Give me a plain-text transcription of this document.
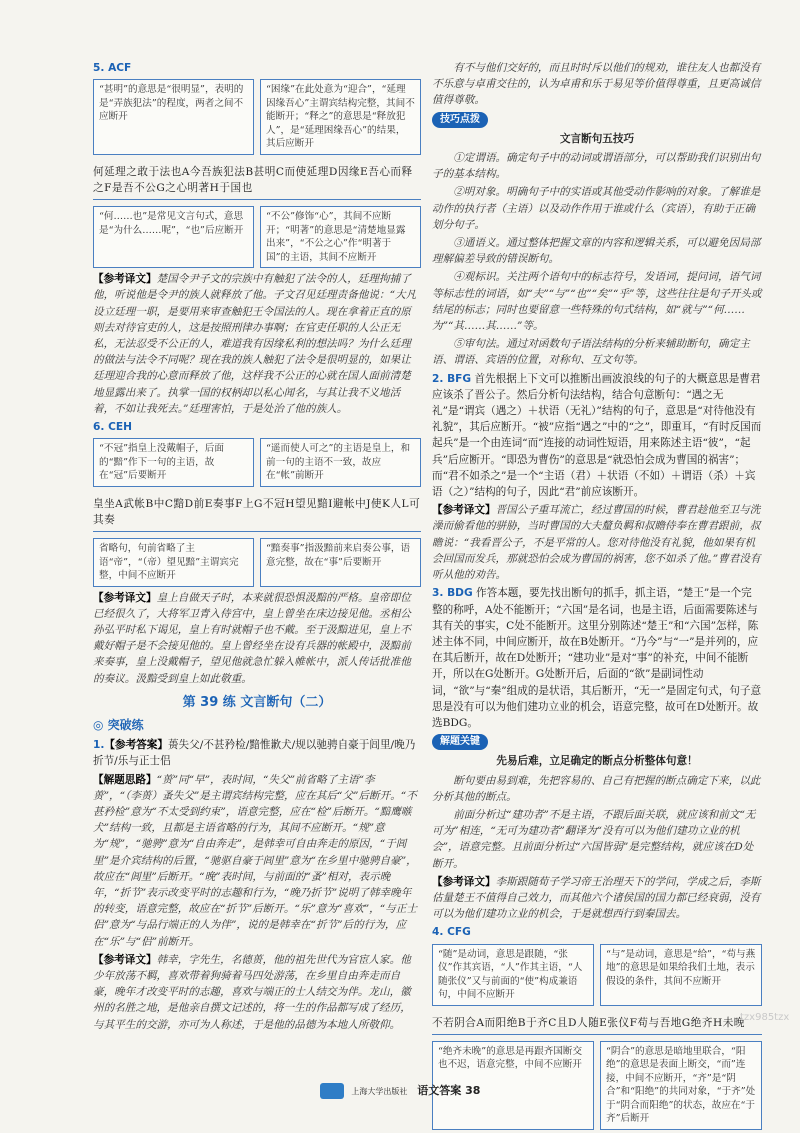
5. ACF
“甚明”的意思是“很明显”，表明的是“弄族犯法”的程度，两者之间不应断开
“困缘”在此处意为“迎合”，“延理因缘吾心”主谓宾结构完整，其间不能断开；“释之”的意思是“释放犯人”，是“延理困缘吾心”的结果，其后应断开
何延理之敢于法也A今吾族犯法B甚明C而使延理D因缘E吾心而释之F是吾不公G之心明著H于国也
“何……也”是常见文言句式，意思是“为什么……呢”，“也”后应断开
“不公”修饰“心”，其间不应断开；“明著”的意思是“清楚地显露出来”，“不公之心”作“明著于国”的主语，其间不应断开

【参考译文】楚国令尹子文的宗族中有触犯了法令的人，廷理拘捕了他，听说他是令尹的族人就释放了他。子文召见廷理责备他说：“大凡设立廷理一职，是要用来审查触犯王令国法的人。现在拿着正直的原则去对待官吏的人，这是按照刑律办事啊；在官吏任职的人公正无私，无法忍受不公正的人，难道我有因缘私利的想法吗？为什么廷理的做法与法令不同呢？现在我的族人触犯了法令是很明显的，如果让廷理迎合我的心意而释放了他，这样我不公正的心就在国人面前清楚地显露出来了。执掌一国的权柄却以私心闻名，与其让我不义地活着，不如让我死去。”廷理害怕，于是处治了他的族人。

6. CEH
“不冠”指皇上没戴帽子，后面的“黯”作下一句的主语，故在“冠”后要断开
“遥而使人可之”的主语是皇上，和前一句的主语不一致，故应在“帐”前断开
皇坐A武帐B中C黯D前E奏事F上G不冠H望见黯I避帐中J使K人L可其奏
省略句，句前省略了主语“帝”，“（帝）望见黯”主谓宾完整，中间不应断开
“黯奏事”指汲黯前来启奏公事，语意完整，故在“事”后要断开

【参考译文】皇上自做天子时，本来就很恐惧汲黯的严格。皇帝即位已经很久了，大将军卫青入侍宫中，皇上曾坐在床边接见他。丞相公孙弘平时私下谒见，皇上有时就帽子也不戴。至于汲黯进见，皇上不戴好帽子是不会接见他的。皇上曾经坐在设有兵器的帐殿中，汲黯前来奏事，皇上没戴帽子，望见他就急忙躲入帷帐中，派人传话批准他的奏议。汲黯受到皇上如此敬重。

第 39 练 文言断句（二）
◎ 突破练

1.【参考答案】蒉失父/不甚矜检/黯惟歉犬/规以驰骋自豪于闾里/晚乃折节/乐与正士侣

【解题思路】“蒉”同“早”，表时间，“失父”前省略了主语“李蒉”，“（李蒉）蚤失父”是主谓宾结构完整，应在其后“父”后断开。“不甚矜检”意为“不太受到约束”，语意完整，应在“检”后断开。“黯鹰嗾犬”结构一致，且都是主语省略的行为，其间不应断开。“规”意为“规”，“驰骋”意为“自由奔走”，是韩幸可自由奔走的原因，“于闾里”是介宾结构的后置，“驰驱自豪于闾里”意为“在乡里中驰骋自豪”，故应在“闾里”后断开。“晚”表时间，与前面的“蚤”相对，表示晚年，“折节”表示改变平时的志趣和行为，“晚乃折节”说明了韩幸晚年的转变，语意完整，故应在“折节”后断开。“乐”意为“喜欢”，“与正士侣”意为“与品行端正的人为伴”，说的是韩幸在“折节”后的行为，应在“乐”与“侣”前断开。

【参考译文】韩幸，字先生，名德蒉，他的祖先世代为官宦人家。他少年放荡不羁，喜欢带着狗骑着马四处游荡，在乡里自由奔走而自豪，晚年才改变平时的志趣，喜欢与端正的士人结交为伴。龙山，徽州的名胜之地，是他亲自撰文记述的，将一生的作品都写成了经历，与其平生的交游，亦可为人称述，于是他的品德为本地人所敬仰。

有不与他们交好的，而且时时斥以他们的规劝，谁往友人也都没有不乐意与卓甫交往的，认为卓甫和乐于易见等价值得尊重，且更高诚信值得尊敬。

技巧点拨
文言断句五技巧

①定谓语。确定句子中的动词或谓语部分，可以帮助我们识别出句子的基本结构。

②明对象。明确句子中的实语或其他受动作影响的对象。了解谁是动作的执行者（主语）以及动作作用于谁或什么（宾语），有助于正确划分句子。

③通语义。通过整体把握文章的内容和逻辑关系，可以避免因局部理解偏差导致的错误断句。

④观标识。关注两个语句中的标志符号，发语词，提问词，语气词等标志性的词语，如“夫”“与”“也”“矣”“乎”等，这些往往是句子开头或结尾的标志；同时也要留意一些特殊的句式结构，如“就与”“何……为”“其……其……”等。

⑤审句法。通过对函数句子语法结构的分析来辅助断句，确定主语、谓语、宾语的位置，对称句、互文句等。

2. BFG 首先根据上下文可以推断出画波浪线的句子的大概意思是曹君应该杀了晋公子。然后分析句法结构，结合句意断句：“遇之无礼”是“谓宾（遇之）＋状语（无礼）”结构的句子，意思是“对待他没有礼貌”，其后应断开。“被”应指“遇之”中的“之”，即重耳，“有时反国而起兵”是一个由连词“而”连接的动词性短语，用来陈述主语“彼”，“起兵”后应断开。“即恐为曹伤”的意思是“就恐怕会成为曹国的祸害”；而“君不如杀之”是一个“主语（君）＋状语（不如）＋谓语（杀）＋宾语（之）”结构的句子，因此“君”前应该断开。

【参考译文】晋国公子重耳流亡，经过曹国的时候，曹君趁他至卫与洗澡而偷看他的骈胁，当时曹国的大夫釐负羁和叔瞻侍奉在曹君跟前，叔瞻说：“我看晋公子，不是平常的人。您对待他没有礼貌，他如果有机会回国而发兵，那就恐怕会成为曹国的祸害，您不如杀了他。”曹君没有听从他的劝告。

3. BDG 作答本题，要先找出断句的抓手，抓主语，“楚王”是一个完整的称呼，A处不能断开；“六国”是名词，也是主语，后面需要陈述与其有关的事实，C处不能断开。这里分别陈述“楚王”和“六国”怎样，陈述主体不同，中间应断开，故在B处断开。“乃今”与“一”是并列的，应在其后断开，故在D处断开；“建功业”是对“事”的补充，中间不能断开，所以在G处断开。G处断开后，后面的“欲”是副词性动词，“欲”与“秦”组成的是状语，其后断开，“无一”是固定句式，句子意思是没有可以为他们建功立业的机会，语意完整，故可在D处断开。故选BDG。

解题关键
先易后难，立足确定的断点分析整体句意！

断句要由易到难，先把容易的、自己有把握的断点确定下来，以此分析其他的断点。

前面分析过“建功者”不是主语，不跟后面关联，就应该和前文“无可为”相连，“无可为建功者”翻译为“没有可以为他们建功立业的机会”，语意完整。且前面分析过“六国皆弱”是完整结构，就应该在D处断开。

【参考译文】李斯跟随荀子学习帝王治理天下的学问，学成之后，李斯估量楚王不值得自己效力，而其他六个诸侯国的国力都已经衰弱，没有可以为他们建功立业的机会，于是就想西行到秦国去。

4. CFG
“随”是动词，意思是跟随，“张仪”作其宾语，“人”作其主语，“人随张仪”又与前面的“使”构成兼语句，中间不应断开
“与”是动词，意思是“给”，“苟与燕地”的意思是如果给我们土地，表示假设的条件，其间不应断开
不若阴合A而阳绝B于齐C且D人随E张仪F苟与吾地G绝齐H未晚
“绝齐未晚”的意思是再跟齐国断交也不迟，语意完整，中间不应断开
“阴合”的意思是暗地里联合，“阳绝”的意思是表面上断交，“而”连接，中间不应断开，“齐”是“阴合”和“阳绝”的共同对象，“于齐”处于“阴合而阳绝”的状态，故应在“于齐”后断开
tzx985tzx
上海大学出版社 语文答案 38
